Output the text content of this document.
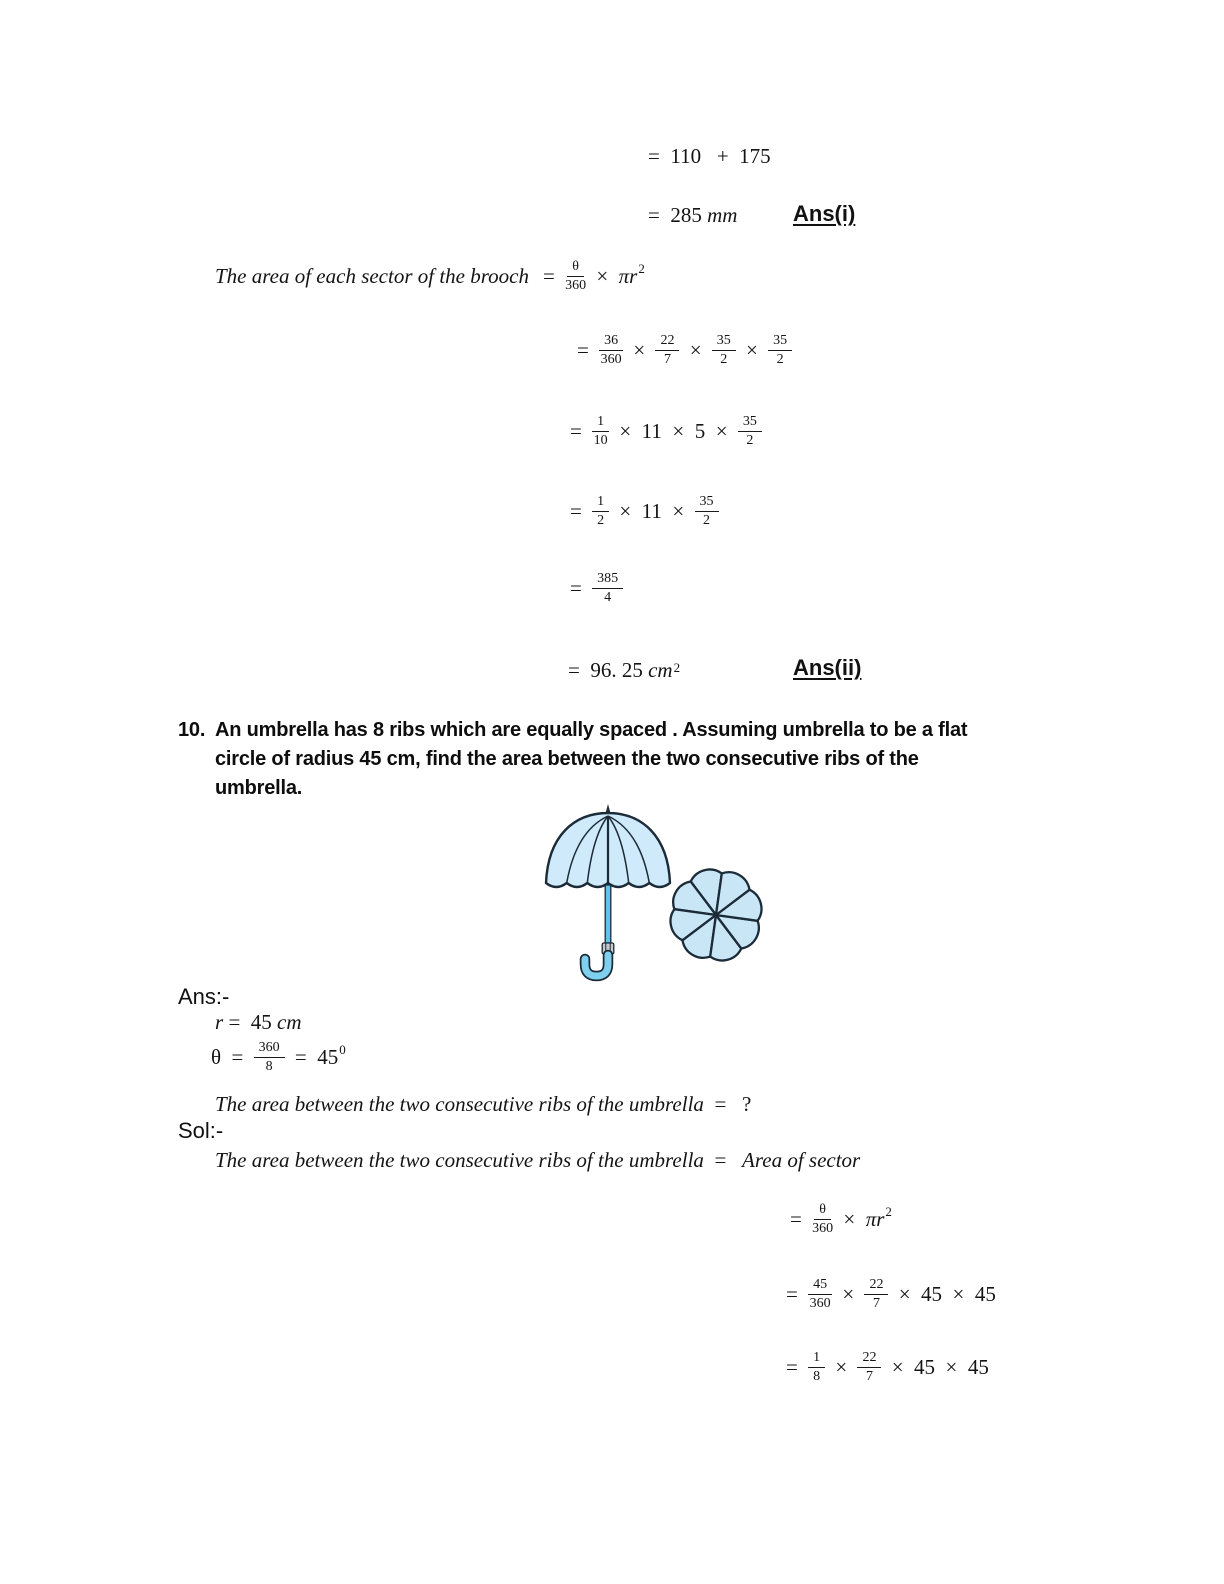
=  110   +  175
=  285 mm	Ans(i)
The area of each sector of the brooch = $\frac{\theta}{360} \times \pi r$ 2
= $\frac{36}{360} \times \frac{22}{7} \times \frac{35}{2} \times \frac{35}{2}$
= $\frac{1}{10} \times 11 \times 5 \times \frac{35}{2}$
= $\frac{1}{2} \times 11 \times \frac{35}{2}$
= $\frac{385}{4}$
=  96. 25 cm 2	Ans(ii)
10. An umbrella has 8 ribs which are equally spaced . Assuming umbrella to be a flat
circle of radius 45 cm, find the area between the two consecutive ribs of the
umbrella.
Ans:-
r =  45 cm
$\theta = \frac{360}{8} = 45$ 0
The area between the two consecutive ribs of the umbrella =   ?
Sol:-
The area between the two consecutive ribs of the umbrella = Area of sector
= $\frac{\theta}{360} \times \pi r$ 2
= $\frac{45}{360} \times \frac{22}{7} \times 45 \times 45$
= $\frac{1}{8} \times \frac{22}{7} \times 45 \times 45$
